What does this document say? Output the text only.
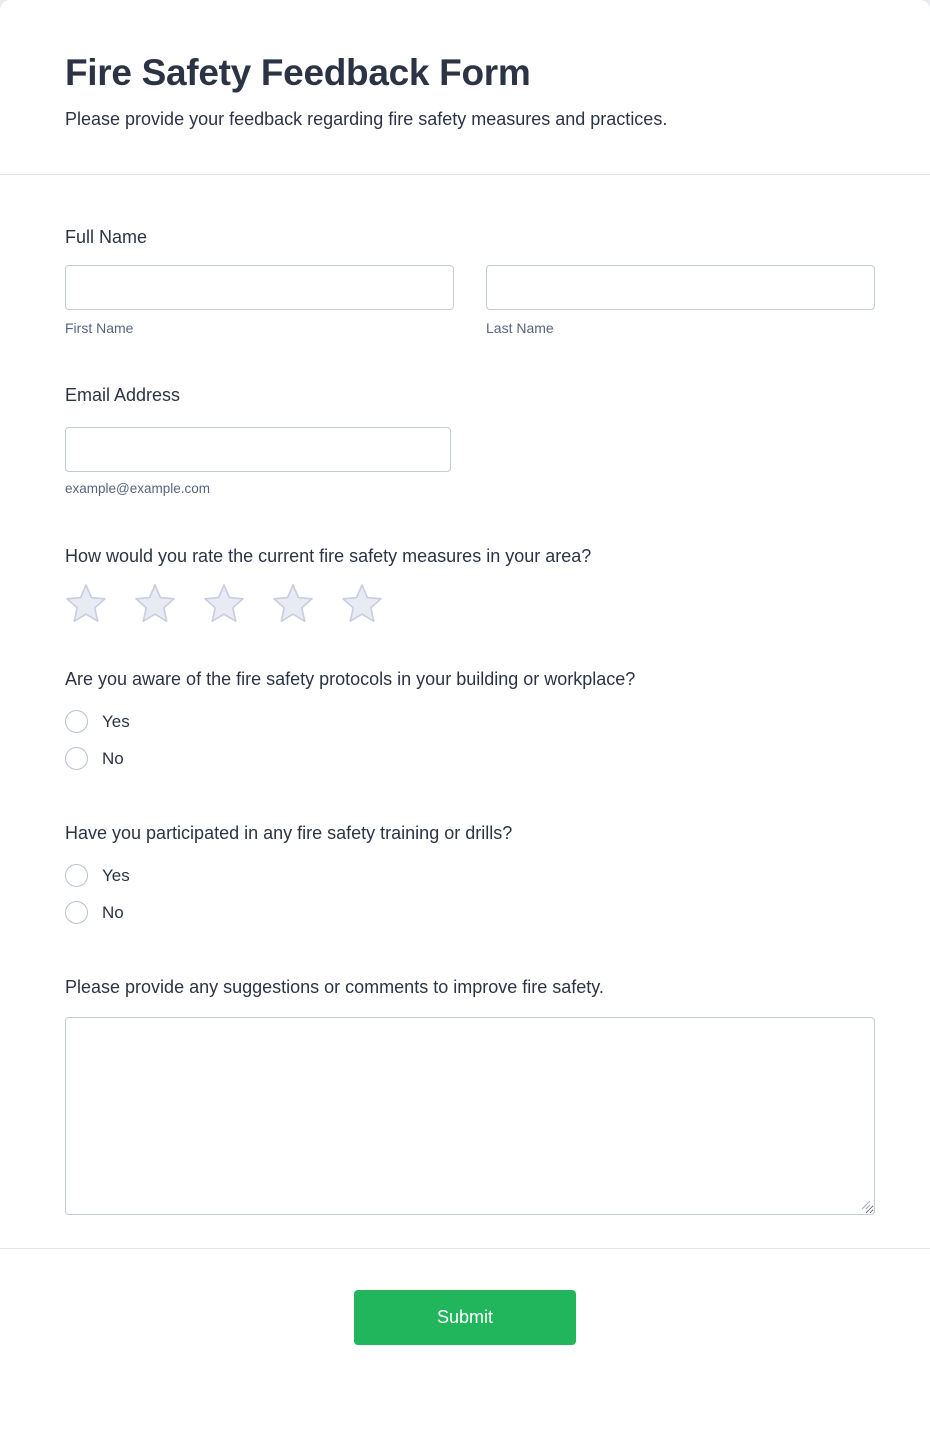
Fire Safety Feedback Form
Please provide your feedback regarding fire safety measures and practices.
Full Name
First Name	Last Name
Email Address
example@example.com
How would you rate the current fire safety measures in your area?
Are you aware of the fire safety protocols in your building or workplace?
Yes
No
Have you participated in any fire safety training or drills?
Yes
No
Please provide any suggestions or comments to improve fire safety.
Submit
